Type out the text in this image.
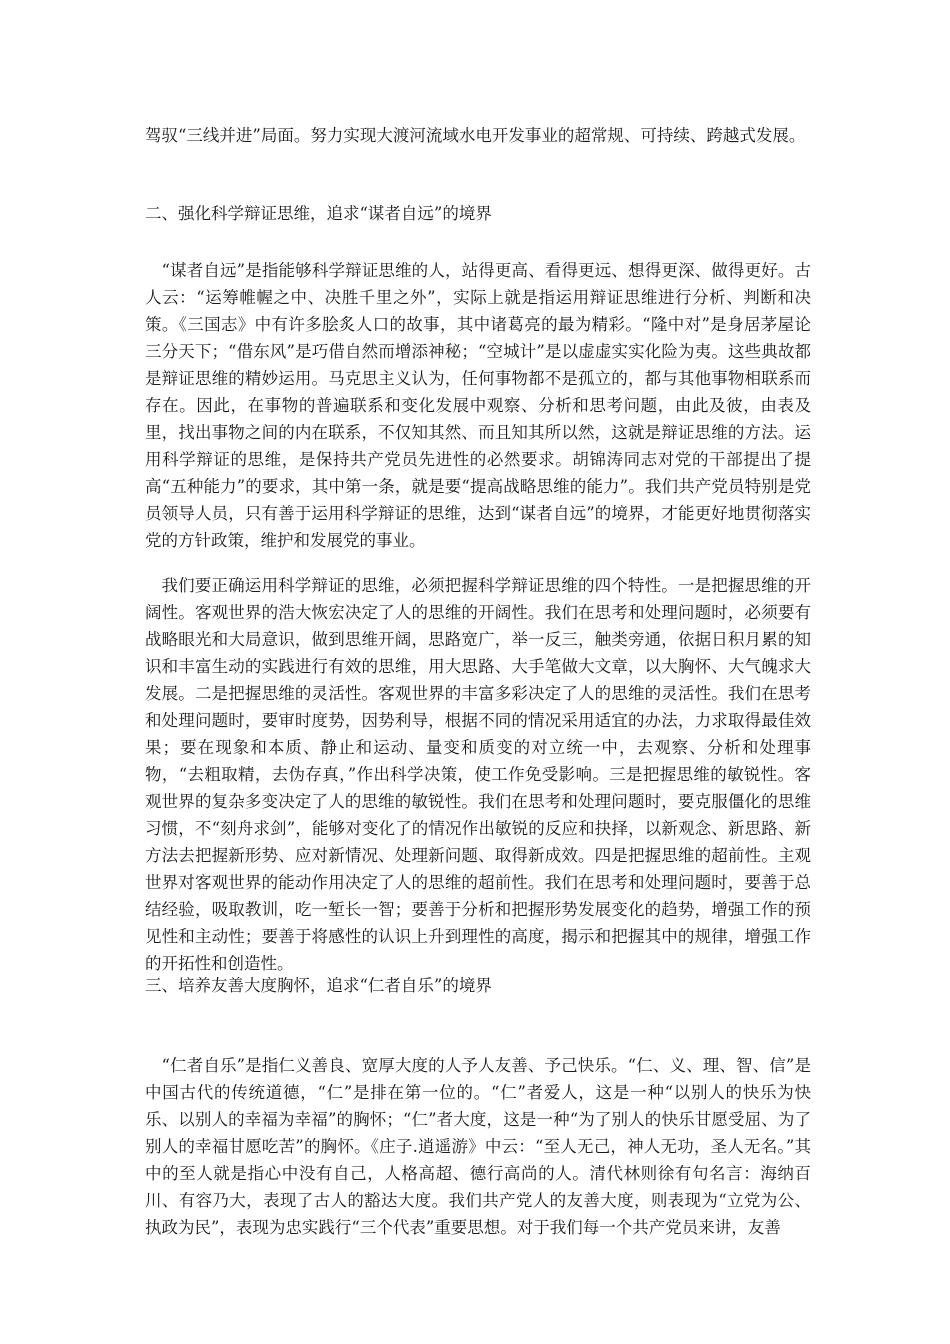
驾驭“三线并进”局面。努力实现大渡河流域水电开发事业的超常规、可持续、跨越式发展。

二、强化科学辩证思维，追求“谋者自远”的境界

“谋者自远”是指能够科学辩证思维的人，站得更高、看得更远、想得更深、做得更好。古人云：“运筹帷幄之中、决胜千里之外”，实际上就是指运用辩证思维进行分析、判断和决策。《三国志》中有许多脍炙人口的故事，其中诸葛亮的最为精彩。“隆中对”是身居茅屋论三分天下；“借东风”是巧借自然而增添神秘；“空城计”是以虚虚实实化险为夷。这些典故都是辩证思维的精妙运用。马克思主义认为，任何事物都不是孤立的，都与其他事物相联系而存在。因此，在事物的普遍联系和变化发展中观察、分析和思考问题，由此及彼，由表及里，找出事物之间的内在联系，不仅知其然、而且知其所以然，这就是辩证思维的方法。运用科学辩证的思维，是保持共产党员先进性的必然要求。胡锦涛同志对党的干部提出了提高“五种能力”的要求，其中第一条，就是要“提高战略思维的能力”。我们共产党员特别是党员领导人员，只有善于运用科学辩证的思维，达到“谋者自远”的境界，才能更好地贯彻落实党的方针政策，维护和发展党的事业。

我们要正确运用科学辩证的思维，必须把握科学辩证思维的四个特性。一是把握思维的开阔性。客观世界的浩大恢宏决定了人的思维的开阔性。我们在思考和处理问题时，必须要有战略眼光和大局意识，做到思维开阔，思路宽广，举一反三，触类旁通，依据日积月累的知识和丰富生动的实践进行有效的思维，用大思路、大手笔做大文章，以大胸怀、大气魄求大发展。二是把握思维的灵活性。客观世界的丰富多彩决定了人的思维的灵活性。我们在思考和处理问题时，要审时度势，因势利导，根据不同的情况采用适宜的办法，力求取得最佳效果；要在现象和本质、静止和运动、量变和质变的对立统一中，去观察、分析和处理事物，“去粗取精，去伪存真，”作出科学决策，使工作免受影响。三是把握思维的敏锐性。客观世界的复杂多变决定了人的思维的敏锐性。我们在思考和处理问题时，要克服僵化的思维习惯，不“刻舟求剑”，能够对变化了的情况作出敏锐的反应和抉择，以新观念、新思路、新方法去把握新形势、应对新情况、处理新问题、取得新成效。四是把握思维的超前性。主观世界对客观世界的能动作用决定了人的思维的超前性。我们在思考和处理问题时，要善于总结经验，吸取教训，吃一堑长一智；要善于分析和把握形势发展变化的趋势，增强工作的预见性和主动性；要善于将感性的认识上升到理性的高度，揭示和把握其中的规律，增强工作的开拓性和创造性。

三、培养友善大度胸怀，追求“仁者自乐”的境界

“仁者自乐”是指仁义善良、宽厚大度的人予人友善、予己快乐。“仁、义、理、智、信”是中国古代的传统道德，“仁”是排在第一位的。“仁”者爱人，这是一种“以别人的快乐为快乐、以别人的幸福为幸福”的胸怀；“仁”者大度，这是一种“为了别人的快乐甘愿受屈、为了别人的幸福甘愿吃苦”的胸怀。《庄子.逍遥游》中云：“至人无己，神人无功，圣人无名。”其中的至人就是指心中没有自己，人格高超、德行高尚的人。清代林则徐有句名言：海纳百川、有容乃大，表现了古人的豁达大度。我们共产党人的友善大度，则表现为“立党为公、执政为民”，表现为忠实践行“三个代表”重要思想。对于我们每一个共产党员来讲，友善
